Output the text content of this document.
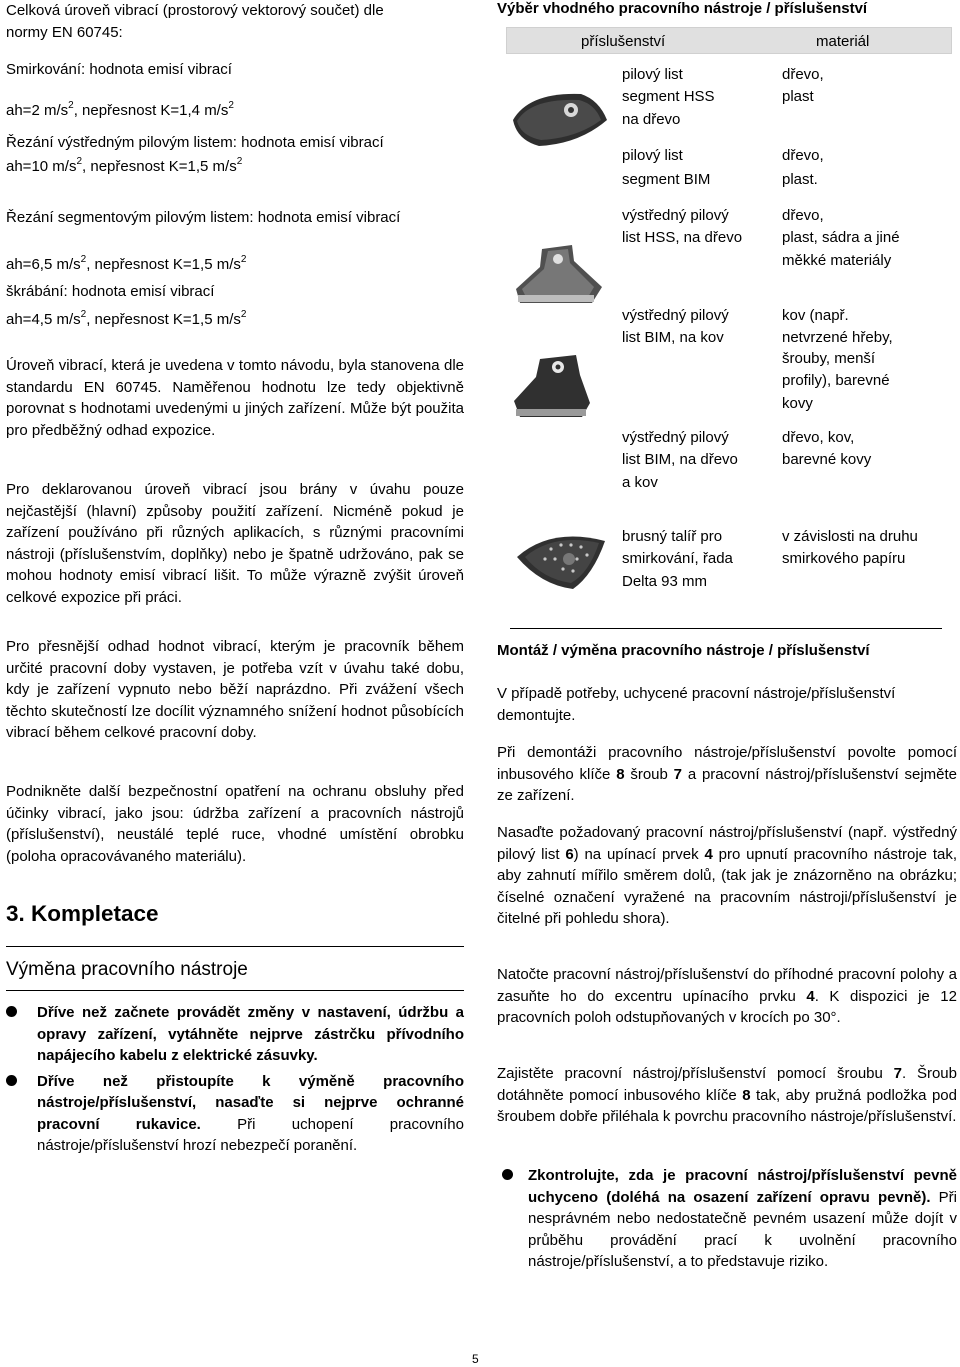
Celková úroveň vibrací (prostorový vektorový součet) dle
normy EN 60745:

Smirkování: hodnota emisí vibrací

ah=2 $m/s^2$, nepřesnost K=1,4 $m/s^2$

Řezání výstředným pilovým listem: hodnota emisí vibrací

ah=10 $m/s^2$, nepřesnost K=1,5 $m/s^2$

Řezání segmentovým pilovým listem: hodnota emisí vibrací

ah=6,5 $m/s^2$, nepřesnost K=1,5 $m/s^2$

škrábání: hodnota emisí vibrací

ah=4,5 $m/s^2$, nepřesnost K=1,5 $m/s^2$

Úroveň vibrací, která je uvedena v tomto návodu, byla stanovena dle standardu EN 60745. Naměřenou hodnotu lze tedy objektivně porovnat s hodnotami uvedenými u jiných zařízení. Může být použita pro předběžný odhad expozice.

Pro deklarovanou úroveň vibrací jsou brány v úvahu pouze nejčastější (hlavní) způsoby použití zařízení. Nicméně pokud je zařízení používáno při různých aplikacích, s různými pracovními nástroji (příslušenstvím, doplňky) nebo je špatně udržováno, pak se mohou hodnoty emisí vibrací lišit. To může výrazně zvýšit úroveň celkové expozice při práci.

Pro přesnější odhad hodnot vibrací, kterým je pracovník během určité pracovní doby vystaven, je potřeba vzít v úvahu také dobu, kdy je zařízení vypnuto nebo běží naprázdno. Při zvážení všech těchto skutečností lze docílit významného snížení hodnot působících vibrací během celkové pracovní doby.

Podnikněte další bezpečnostní opatření na ochranu obsluhy před účinky vibrací, jako jsou: údržba zařízení a pracovních nástrojů (příslušenství), neustálé teplé ruce, vhodné umístění obrobku (poloha opracovávaného materiálu).

3. Kompletace

Výměna pracovního nástroje

Dříve než začnete provádět změny v nastavení, údržbu a opravy zařízení, vytáhněte nejprve zástrčku přívodního napájecího kabelu z elektrické zásuvky.
Dříve než přistoupíte k výměně pracovního nástroje/příslušenství, nasaďte si nejprve ochranné pracovní rukavice. Při uchopení pracovního nástroje/příslušenství hrozí nebezpečí poranění.

Výběr vhodného pracovního nástroje / příslušenství

příslušenství	materiál
pilový list
segment HSS
na dřevo
dřevo,
plast
pilový list
segment BIM
dřevo,
plast.
výstředný pilový
list HSS, na dřevo
dřevo,
plast, sádra a jiné
měkké materiály
výstředný pilový
list BIM, na kov
kov (např.
netvrzené hřeby,
šrouby, menší
profily), barevné
kovy
výstředný pilový
list BIM, na dřevo
a kov
dřevo, kov,
barevné kovy
brusný talíř pro
smirkování, řada
Delta 93 mm
v závislosti na druhu
smirkového papíru

Montáž / výměna pracovního nástroje / příslušenství

V případě potřeby, uchycené pracovní nástroje/příslušenství demontujte.

Při demontáži pracovního nástroje/příslušenství povolte pomocí inbusového klíče 8 šroub 7 a pracovní nástroj/příslušenství sejměte ze zařízení.

Nasaďte požadovaný pracovní nástroj/příslušenství (např. výstředný pilový list 6) na upínací prvek 4 pro upnutí pracovního nástroje tak, aby zahnutí mířilo směrem dolů, (tak jak je znázorněno na obrázku; číselné označení vyražené na pracovním nástroji/příslušenství je čitelné při pohledu shora).

Natočte pracovní nástroj/příslušenství do příhodné pracovní polohy a zasuňte ho do excentru upínacího prvku 4. K dispozici je 12 pracovních poloh odstupňovaných v krocích po 30°.

Zajistěte pracovní nástroj/příslušenství pomocí šroubu 7. Šroub dotáhněte pomocí inbusového klíče 8 tak, aby pružná podložka pod šroubem dobře přiléhala k povrchu pracovního nástroje/příslušenství.

Zkontrolujte, zda je pracovní nástroj/příslušenství pevně uchyceno (doléhá na osazení zařízení opravu pevně). Při nesprávném nebo nedostatečně pevném usazení může dojít v průběhu provádění prací k uvolnění pracovního nástroje/příslušenství, a to představuje riziko.
5
